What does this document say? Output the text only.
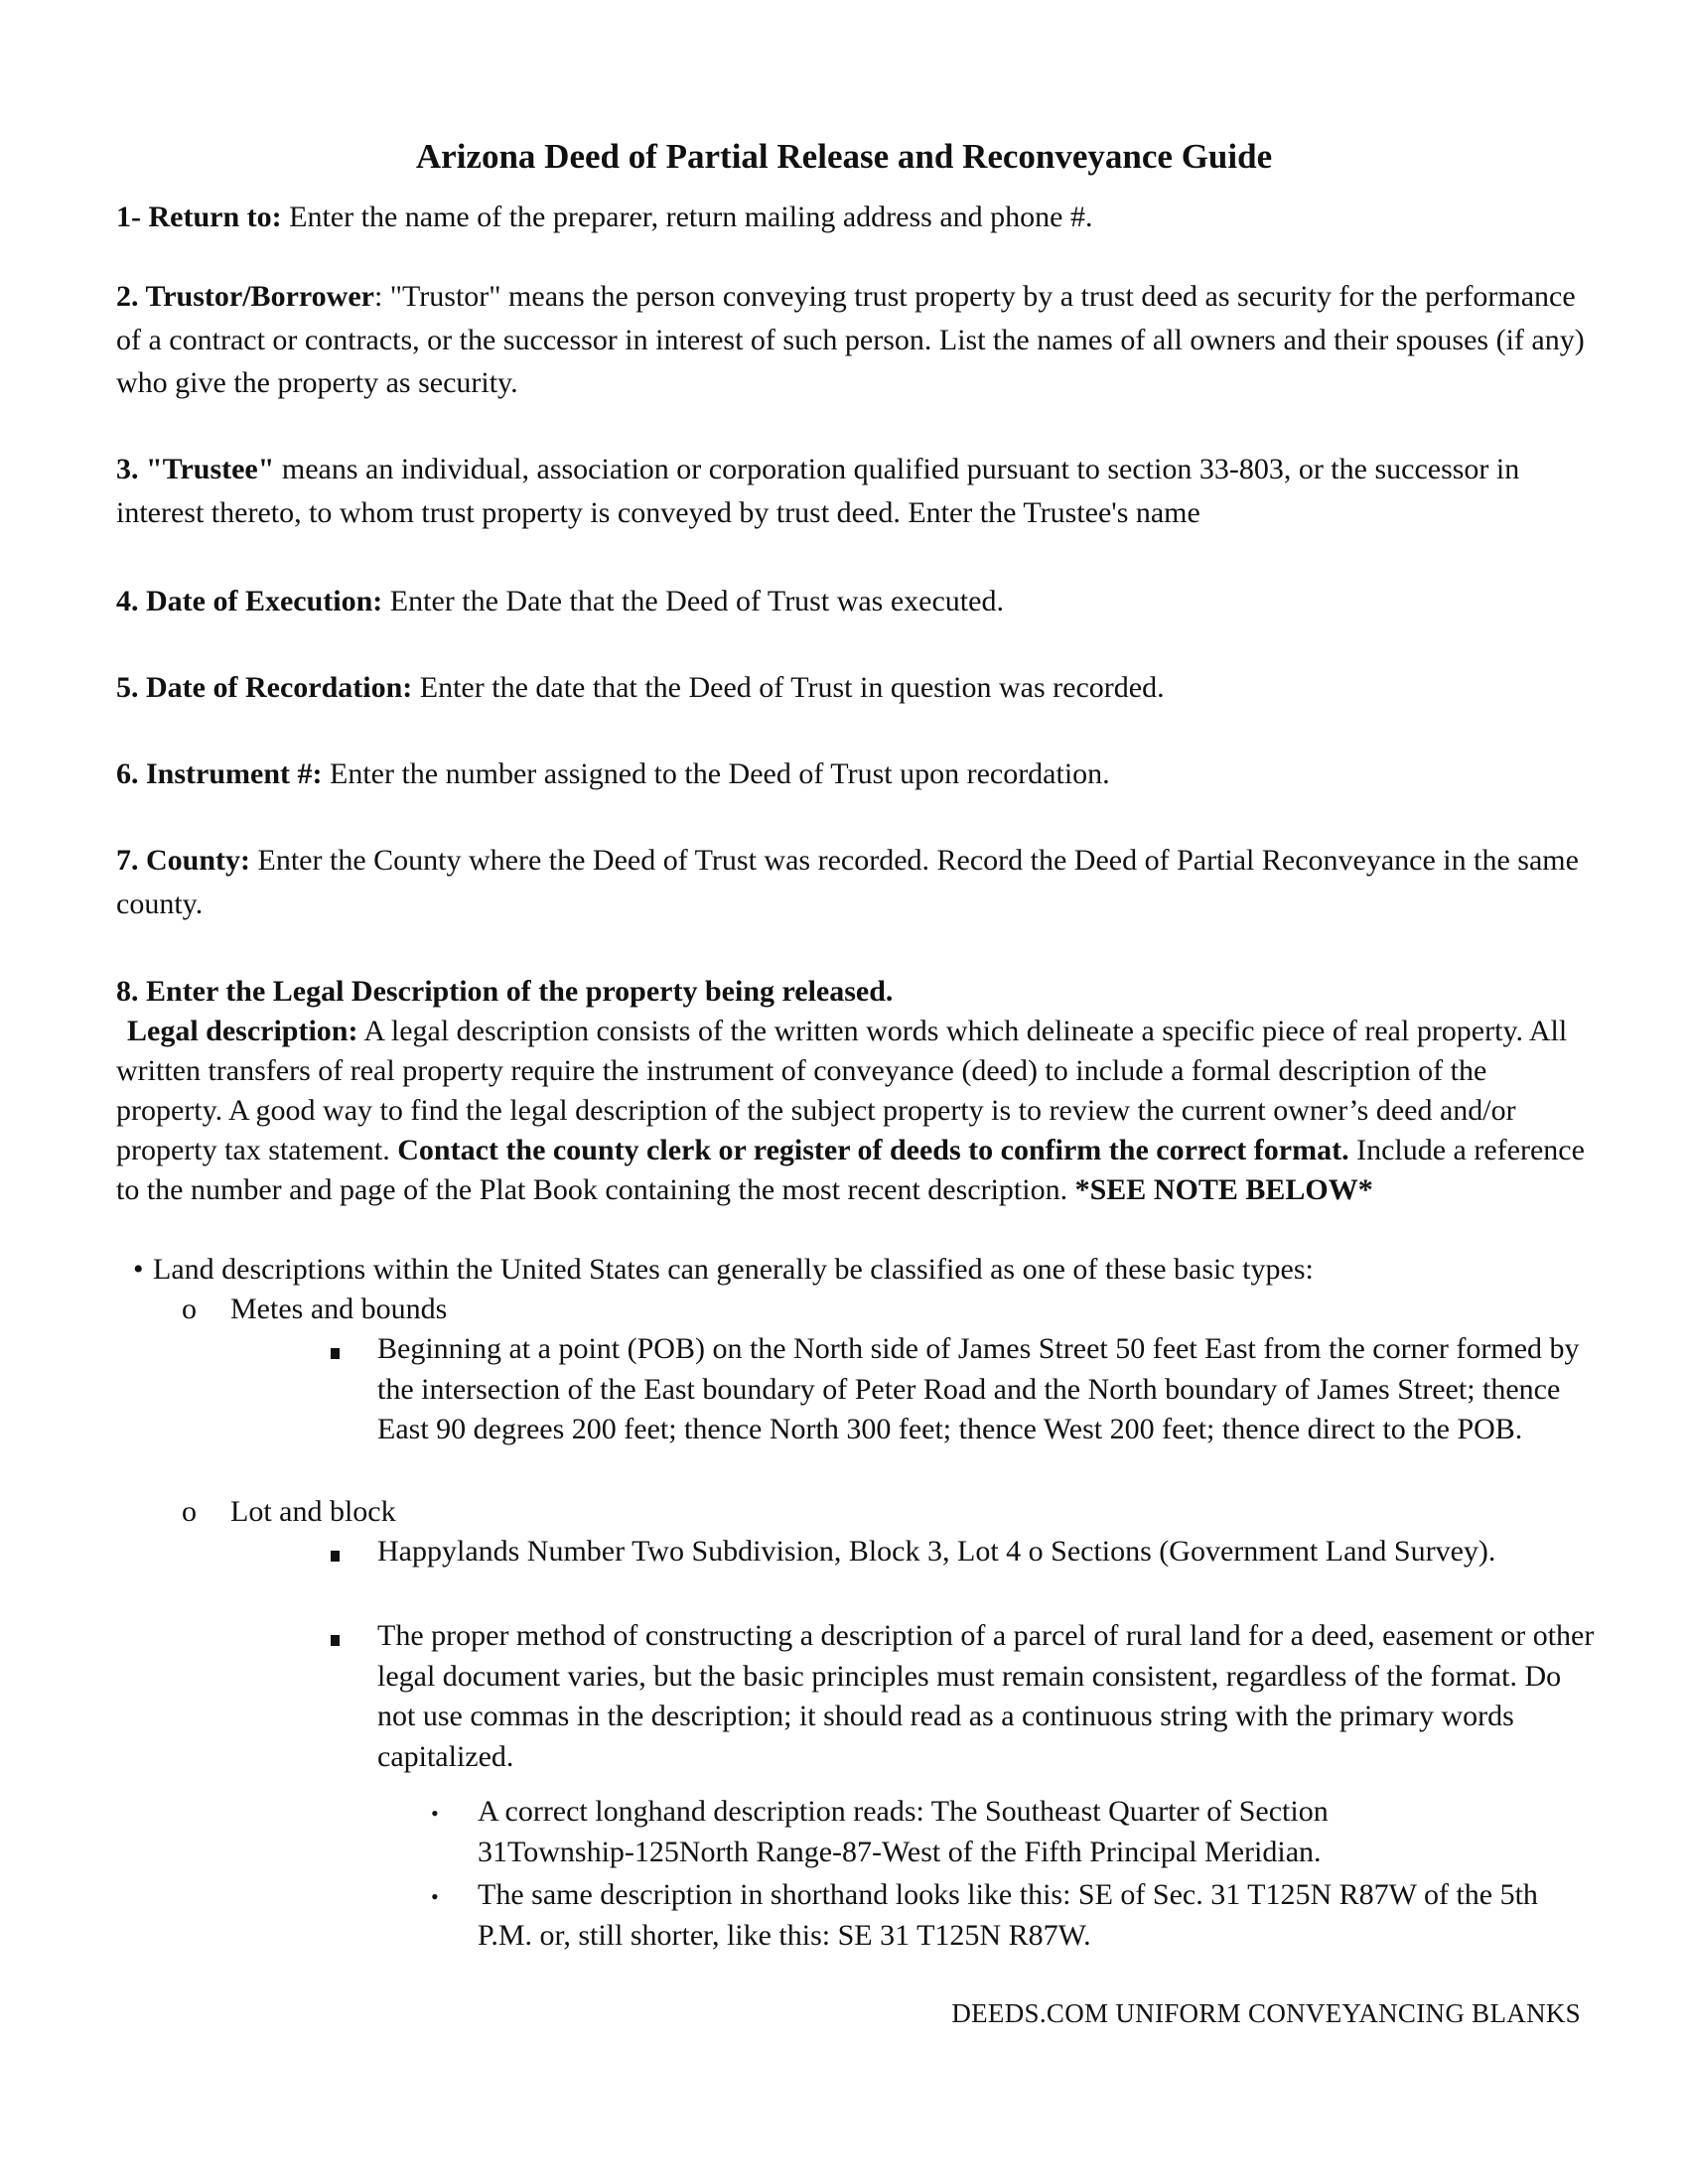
Arizona Deed of Partial Release and Reconveyance Guide
1- Return to: Enter the name of the preparer, return mailing address and phone #.
2. Trustor/Borrower: "Trustor" means the person conveying trust property by a trust deed as security for the performance of a contract or contracts, or the successor in interest of such person. List the names of all owners and their spouses (if any) who give the property as security.
3. "Trustee" means an individual, association or corporation qualified pursuant to section 33-803, or the successor in interest thereto, to whom trust property is conveyed by trust deed. Enter the Trustee's name
4. Date of Execution: Enter the Date that the Deed of Trust was executed.
5. Date of Recordation: Enter the date that the Deed of Trust in question was recorded.
6. Instrument #: Enter the number assigned to the Deed of Trust upon recordation.
7. County: Enter the County where the Deed of Trust was recorded. Record the Deed of Partial Reconveyance in the same county.
8. Enter the Legal Description of the property being released.
Legal description: A legal description consists of the written words which delineate a specific piece of real property. All written transfers of real property require the instrument of conveyance (deed) to include a formal description of the property. A good way to find the legal description of the subject property is to review the current owner’s deed and/or property tax statement. Contact the county clerk or register of deeds to confirm the correct format. Include a reference to the number and page of the Plat Book containing the most recent description. *SEE NOTE BELOW*
• Land descriptions within the United States can generally be classified as one of these basic types:
o Metes and bounds
Beginning at a point (POB) on the North side of James Street 50 feet East from the corner formed by the intersection of the East boundary of Peter Road and the North boundary of James Street; thence East 90 degrees 200 feet; thence North 300 feet; thence West 200 feet; thence direct to the POB.
o Lot and block
Happylands Number Two Subdivision, Block 3, Lot 4 o Sections (Government Land Survey).
The proper method of constructing a description of a parcel of rural land for a deed, easement or other legal document varies, but the basic principles must remain consistent, regardless of the format. Do not use commas in the description; it should read as a continuous string with the primary words capitalized.
• A correct longhand description reads: The Southeast Quarter of Section 31Township-125North Range-87-West of the Fifth Principal Meridian.
• The same description in shorthand looks like this: SE of Sec. 31 T125N R87W of the 5th P.M. or, still shorter, like this: SE 31 T125N R87W.
DEEDS.COM UNIFORM CONVEYANCING BLANKS
